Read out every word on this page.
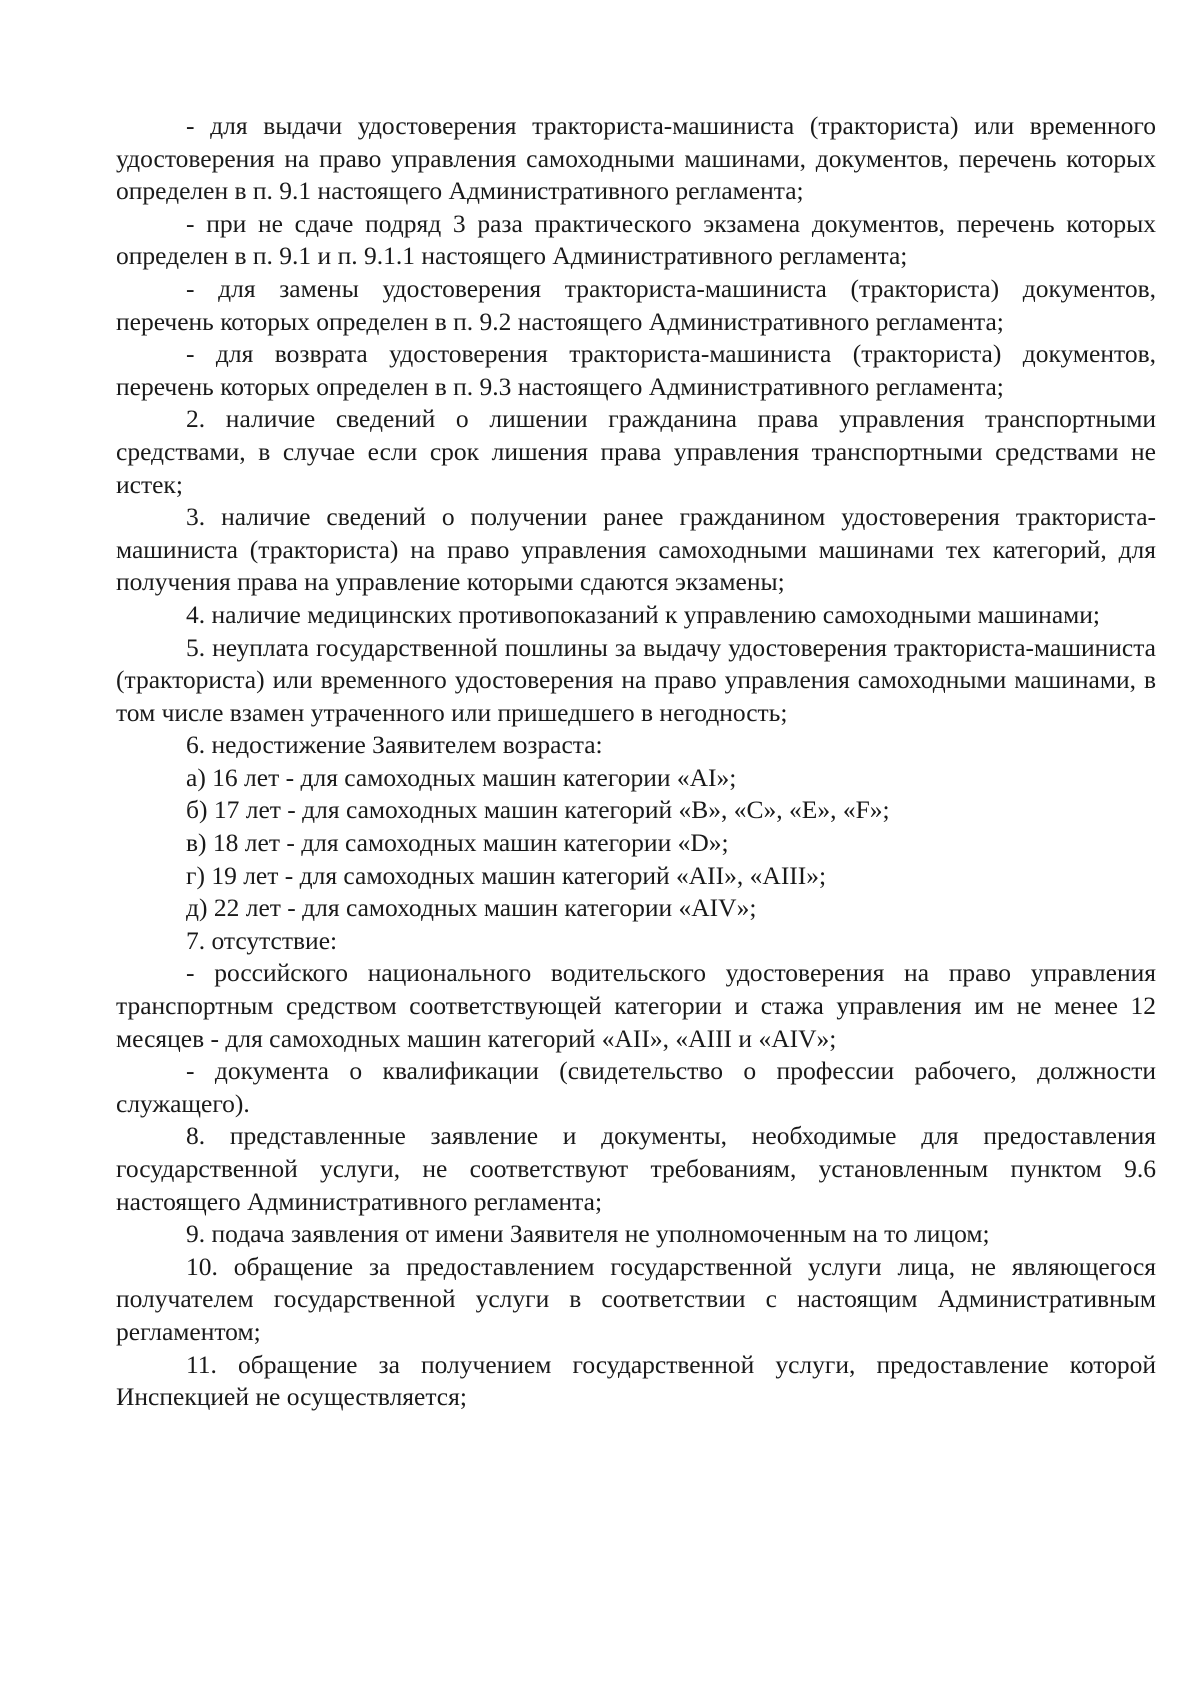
- для выдачи удостоверения тракториста-машиниста (тракториста) или временного удостоверения на право управления самоходными машинами, документов, перечень которых определен в п. 9.1 настоящего Административного регламента;

- при не сдаче подряд 3 раза практического экзамена документов, перечень которых определен в п. 9.1 и п. 9.1.1 настоящего Административного регламента;

- для замены удостоверения тракториста-машиниста (тракториста) документов, перечень которых определен в п. 9.2 настоящего Административного регламента;

- для возврата удостоверения тракториста-машиниста (тракториста) документов, перечень которых определен в п. 9.3 настоящего Административного регламента;

2. наличие сведений о лишении гражданина права управления транспортными средствами, в случае если срок лишения права управления транспортными средствами не истек;

3. наличие сведений о получении ранее гражданином удостоверения тракториста-машиниста (тракториста) на право управления самоходными машинами тех категорий, для получения права на управление которыми сдаются экзамены;

4. наличие медицинских противопоказаний к управлению самоходными машинами;

5. неуплата государственной пошлины за выдачу удостоверения тракториста-машиниста (тракториста) или временного удостоверения на право управления самоходными машинами, в том числе взамен утраченного или пришедшего в негодность;

6. недостижение Заявителем возраста:

а) 16 лет - для самоходных машин категории «AI»;

б) 17 лет - для самоходных машин категорий «B», «C», «E», «F»;

в) 18 лет - для самоходных машин категории «D»;

г) 19 лет - для самоходных машин категорий «AII», «AIII»;

д) 22 лет - для самоходных машин категории «AIV»;

7. отсутствие:

- российского национального водительского удостоверения на право управления транспортным средством соответствующей категории и стажа управления им не менее 12 месяцев - для самоходных машин категорий «AII», «AIII и «AIV»;

- документа о квалификации (свидетельство о профессии рабочего, должности служащего).

8. представленные заявление и документы, необходимые для предоставления государственной услуги, не соответствуют требованиям, установленным пунктом 9.6 настоящего Административного регламента;

9. подача заявления от имени Заявителя не уполномоченным на то лицом;

10. обращение за предоставлением государственной услуги лица, не являющегося получателем государственной услуги в соответствии с настоящим Административным регламентом;

11. обращение за получением государственной услуги, предоставление которой Инспекцией не осуществляется;
